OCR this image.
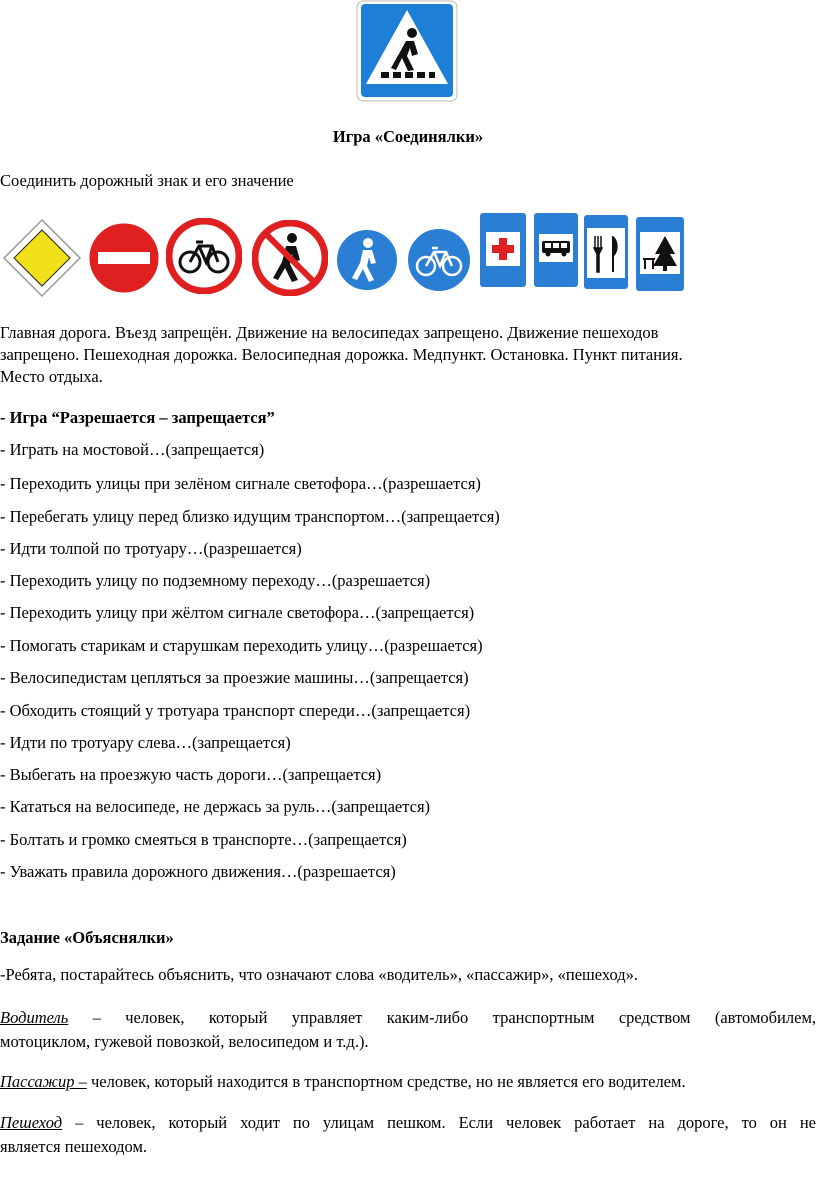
Игра «Соединялки»
Соединить дорожный знак и его значение
Главная дорога. Въезд запрещён. Движение на велосипедах запрещено. Движение пешеходов
запрещено. Пешеходная дорожка. Велосипедная дорожка. Медпункт. Остановка. Пункт питания.
Место отдыха.
- Игра “Разрешается – запрещается”
- Играть на мостовой…(запрещается)
- Переходить улицы при зелёном сигнале светофора…(разрешается)
- Перебегать улицу перед близко идущим транспортом…(запрещается)
- Идти толпой по тротуару…(разрешается)
- Переходить улицу по подземному переходу…(разрешается)
- Переходить улицу при жёлтом сигнале светофора…(запрещается)
- Помогать старикам и старушкам переходить улицу…(разрешается)
- Велосипедистам цепляться за проезжие машины…(запрещается)
- Обходить стоящий у тротуара транспорт спереди…(запрещается)
- Идти по тротуару слева…(запрещается)
- Выбегать на проезжую часть дороги…(запрещается)
- Кататься на велосипеде, не держась за руль…(запрещается)
- Болтать и громко смеяться в транспорте…(запрещается)
- Уважать правила дорожного движения…(разрешается)
Задание «Объяснялки»
-Ребята, постарайтесь объяснить, что означают слова «водитель», «пассажир», «пешеход».
Водитель – человек, который управляет каким-либо транспортным средством (автомобилем,
мотоциклом, гужевой повозкой, велосипедом и т.д.).
Пассажир – человек, который находится в транспортном средстве, но не является его водителем.
Пешеход – человек, который ходит по улицам пешком. Если человек работает на дороге, то он не
является пешеходом.
